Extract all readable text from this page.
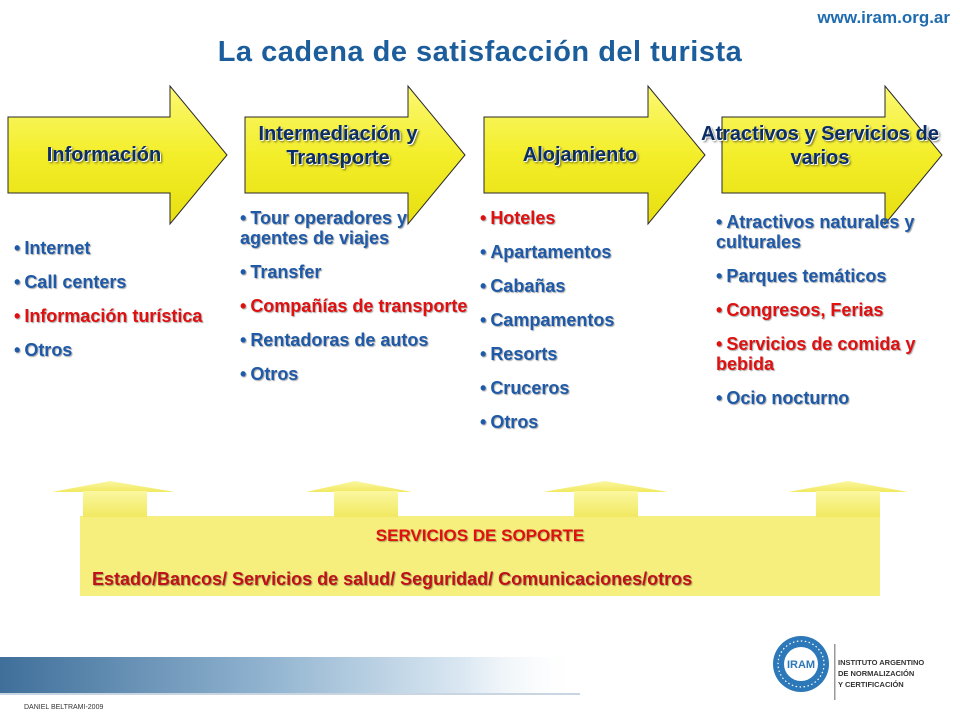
www.iram.org.ar
La cadena de satisfacción del turista
IRAM
Información
Intermediación y Transporte	Alojamiento
Atractivos y Servicios de varios
• Internet
• Call centers
• Información turística
• Otros
• Tour operadores y agentes de viajes
• Transfer
• Compañías de transporte
• Rentadoras de autos
• Otros
• Hoteles
• Apartamentos
• Cabañas
• Campamentos
• Resorts
• Cruceros
• Otros
• Atractivos naturales y culturales
• Parques temáticos
• Congresos, Ferias
• Servicios de comida y bebida
• Ocio nocturno
SERVICIOS DE SOPORTE
Estado/Bancos/ Servicios de salud/ Seguridad/ Comunicaciones/otros
DANIEL BELTRAMI-2009
INSTITUTO ARGENTINO
DE NORMALIZACIÓN
Y CERTIFICACIÓN
